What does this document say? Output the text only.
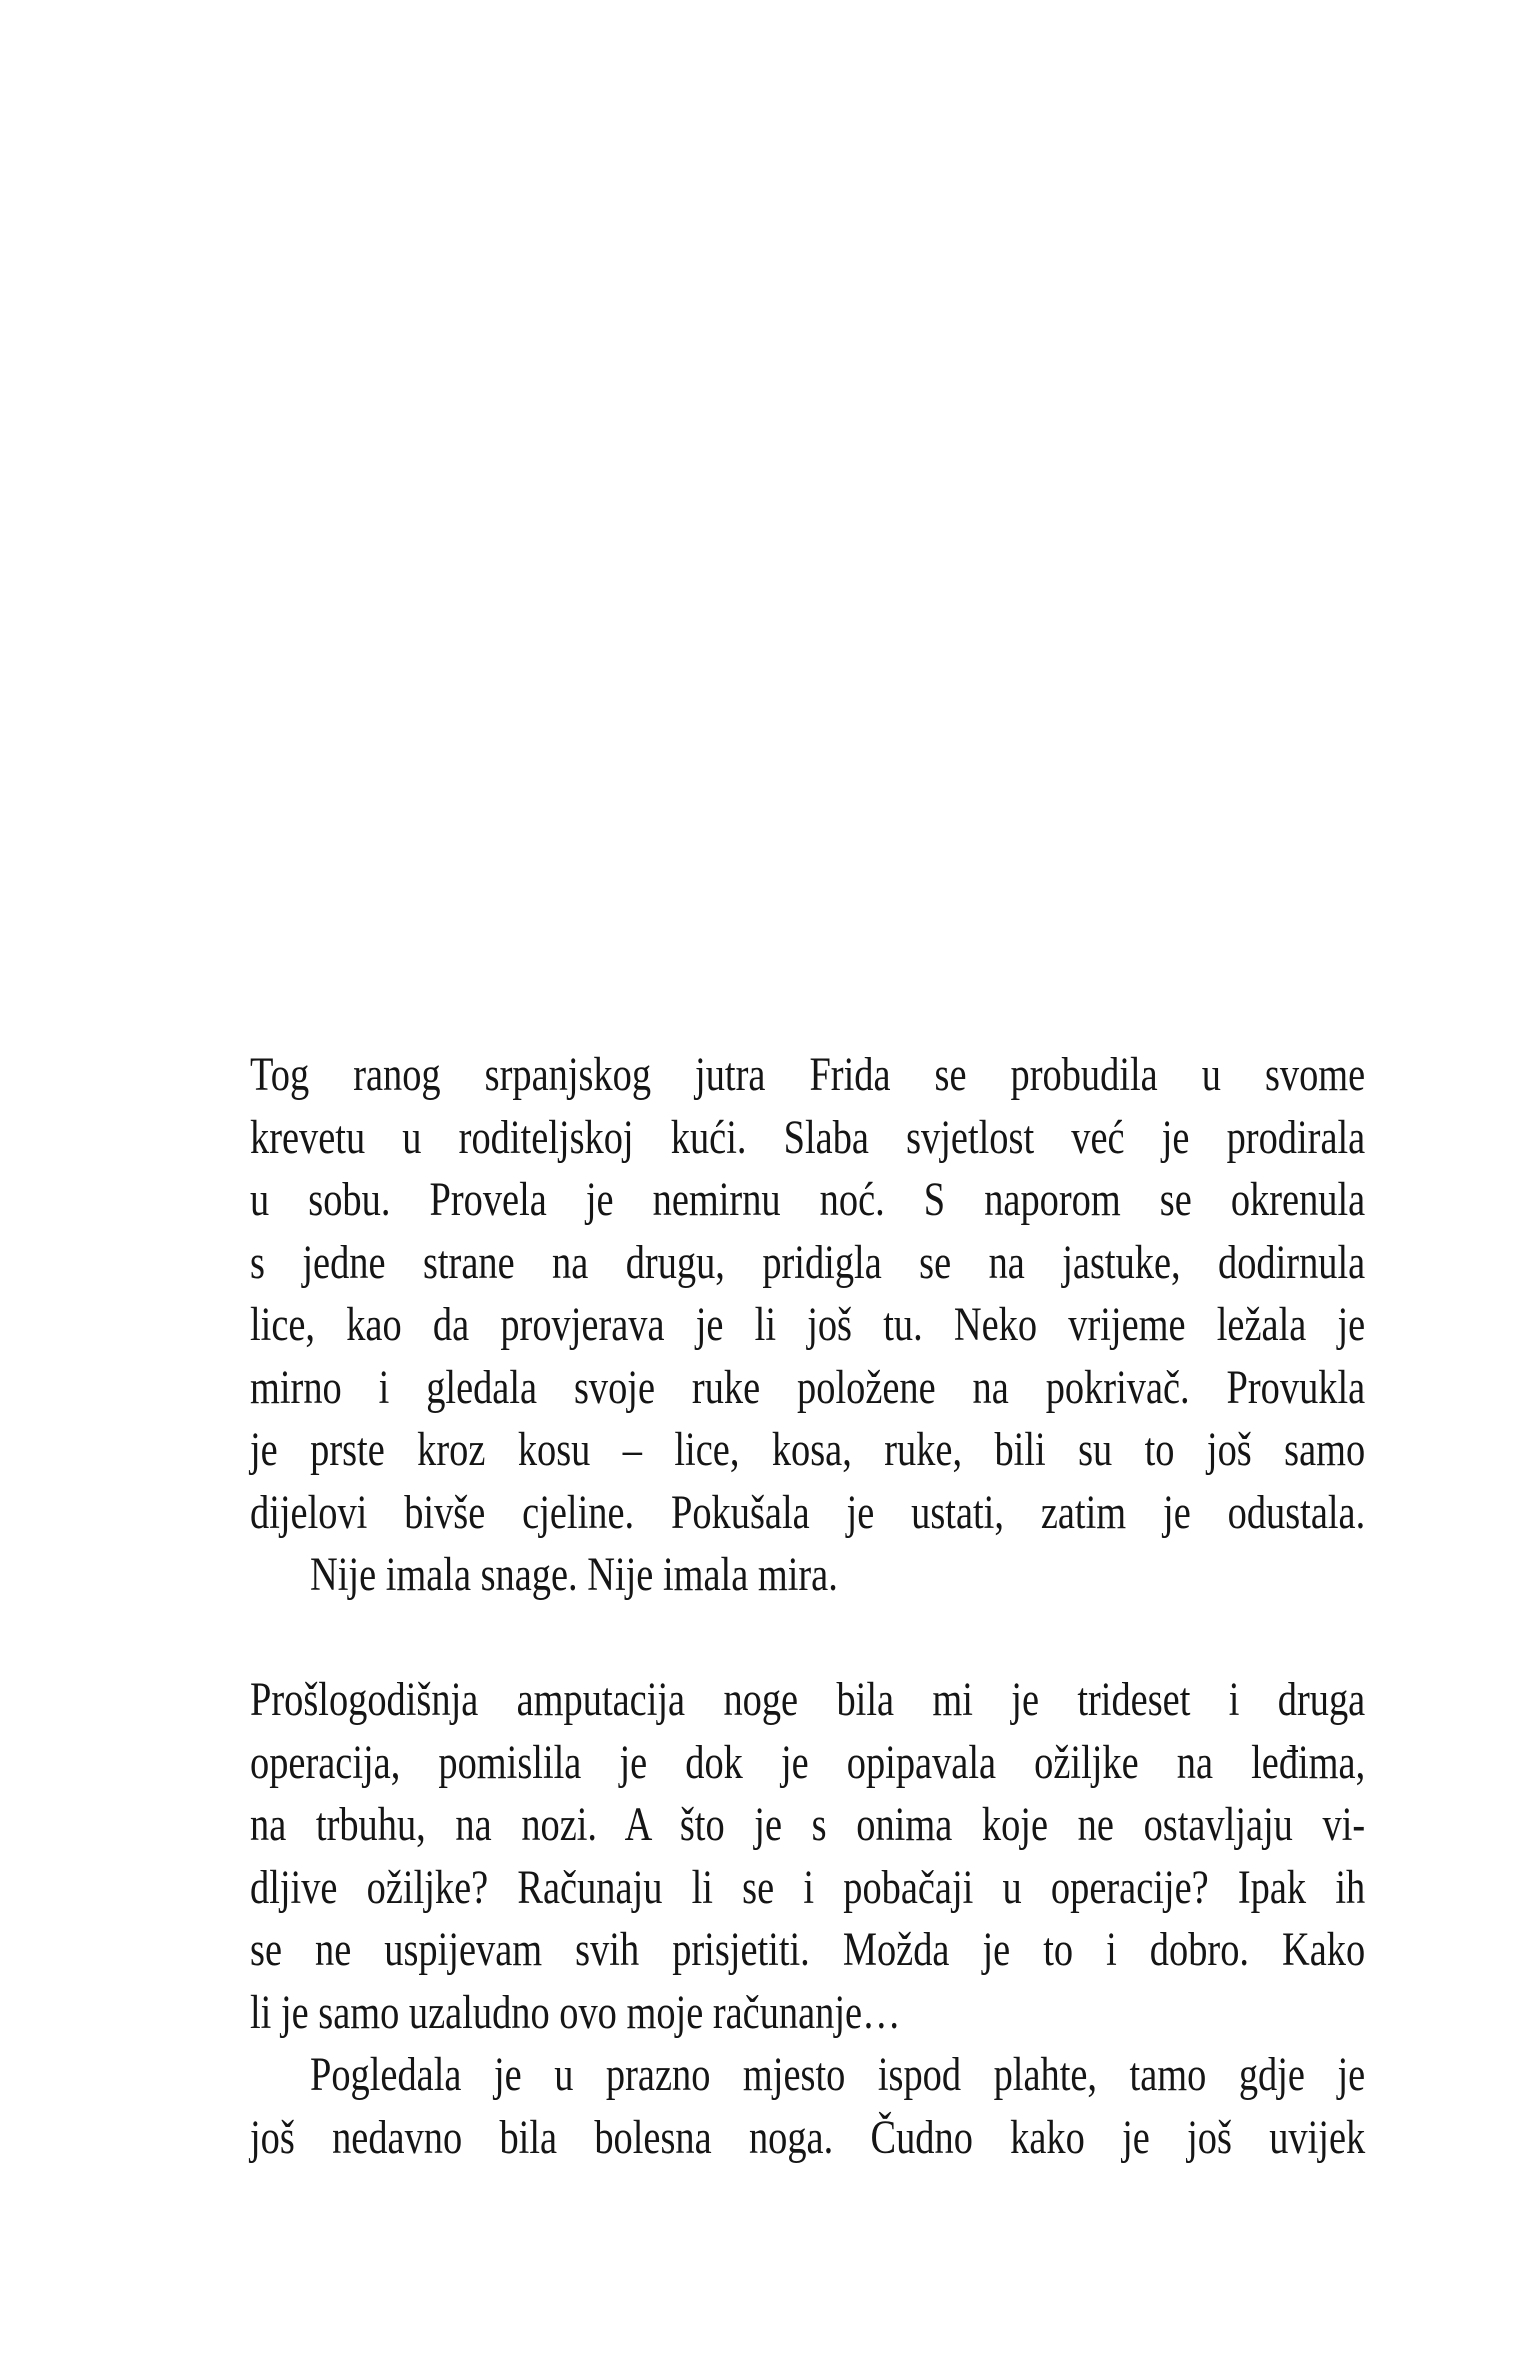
Tog ranog srpanjskog jutra Frida se probudila u svome
krevetu u roditeljskoj kući. Slaba svjetlost već je prodirala
u sobu. Provela je nemirnu noć. S naporom se okrenula
s jedne strane na drugu, pridigla se na jastuke, dodirnula
lice, kao da provjerava je li još tu. Neko vrijeme ležala je
mirno i gledala svoje ruke položene na pokrivač. Provukla
je prste kroz kosu – lice, kosa, ruke, bili su to još samo
dijelovi bivše cjeline. Pokušala je ustati, zatim je odustala.
Nije imala snage. Nije imala mira.
Prošlogodišnja amputacija noge bila mi je trideset i druga
operacija, pomislila je dok je opipavala ožiljke na leđima,
na trbuhu, na nozi. A što je s onima koje ne ostavljaju vi-
dljive ožiljke? Računaju li se i pobačaji u operacije? Ipak ih
se ne uspijevam svih prisjetiti. Možda je to i dobro. Kako
li je samo uzaludno ovo moje računanje…
Pogledala je u prazno mjesto ispod plahte, tamo gdje je
još nedavno bila bolesna noga. Čudno kako je još uvijek
